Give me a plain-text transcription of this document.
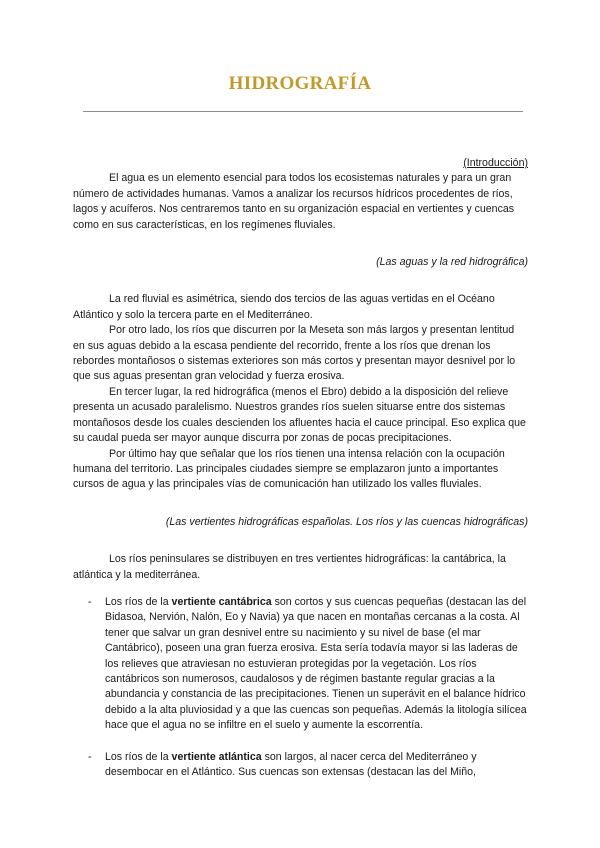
HIDROGRAFÍA

(Introducción)

El agua es un elemento esencial para todos los ecosistemas naturales y para un gran número de actividades humanas. Vamos a analizar los recursos hídricos procedentes de ríos, lagos y acuíferos. Nos centraremos tanto en su organización espacial en vertientes y cuencas como en sus características, en los regímenes fluviales.

(Las aguas y la red hidrográfica)

La red fluvial es asimétrica, siendo dos tercios de las aguas vertidas en el Océano Atlántico y solo la tercera parte en el Mediterráneo.

Por otro lado, los ríos que discurren por la Meseta son más largos y presentan lentitud en sus aguas debido a la escasa pendiente del recorrido, frente a los ríos que drenan los rebordes montañosos o sistemas exteriores son más cortos y presentan mayor desnivel por lo que sus aguas presentan gran velocidad y fuerza erosiva.

En tercer lugar, la red hidrográfica (menos el Ebro) debido a la disposición del relieve presenta un acusado paralelismo. Nuestros grandes ríos suelen situarse entre dos sistemas montañosos desde los cuales descienden los afluentes hacia el cauce principal. Eso explica que su caudal pueda ser mayor aunque discurra por zonas de pocas precipitaciones.

Por último hay que señalar que los ríos tienen una intensa relación con la ocupación humana del territorio. Las principales ciudades siempre se emplazaron junto a importantes cursos de agua y las principales vías de comunicación han utilizado los valles fluviales.

(Las vertientes hidrográficas españolas. Los ríos y las cuencas hidrográficas)

Los ríos peninsulares se distribuyen en tres vertientes hidrográficas: la cantábrica, la atlántica y la mediterránea.

- Los ríos de la vertiente cantábrica son cortos y sus cuencas pequeñas (destacan las del Bidasoa, Nervión, Nalón, Eo y Navia) ya que nacen en montañas cercanas a la costa. Al tener que salvar un gran desnivel entre su nacimiento y su nivel de base (el mar Cantábrico), poseen una gran fuerza erosiva. Esta sería todavía mayor si las laderas de los relieves que atraviesan no estuvieran protegidas por la vegetación. Los ríos cantábricos son numerosos, caudalosos y de régimen bastante regular gracias a la abundancia y constancia de las precipitaciones. Tienen un superávit en el balance hídrico debido a la alta pluviosidad y a que las cuencas son pequeñas. Además la litología silícea hace que el agua no se infiltre en el suelo y aumente la escorrentía.
- Los ríos de la vertiente atlántica son largos, al nacer cerca del Mediterráneo y desembocar en el Atlántico. Sus cuencas son extensas (destacan las del Miño,
